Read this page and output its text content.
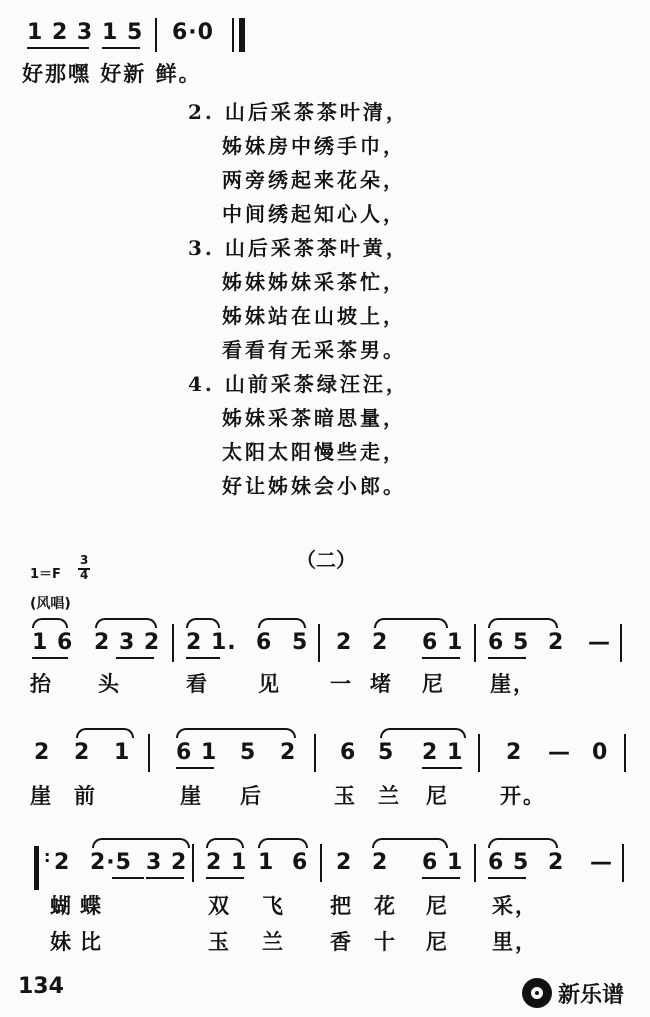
1 2 3 1 5 6·0
好那嘿 好新 鲜。
2. 山后采茶茶叶清，
姊妹房中绣手巾，
两旁绣起来花朵，
中间绣起知心人，
3. 山后采茶茶叶黄，
姊妹姊妹采茶忙，
姊妹站在山坡上，
看看有无采茶男。
4. 山前采茶绿汪汪，
姊妹采茶暗思量，
太阳太阳慢些走，
好让姊妹会小郎。
（二）
1＝F
3
4
(风唱)
1 6 2 3 2 2 1. 6 5 2 2 6 1 6 5 2 —
抬 头	看 见 一 堵 尼 崖，
2 2 1 6 1 5 2 6 5 2 1 2 — 0
崖 前	崖 后	玉 兰 尼 开。
: 2 2·5 3 2 2 1 1 6 2 2 6 1 6 5 2 —
蝴 蝶	双 飞 把 花 尼 采，
妹 比	玉 兰 香 十 尼 里，
134	新乐谱
